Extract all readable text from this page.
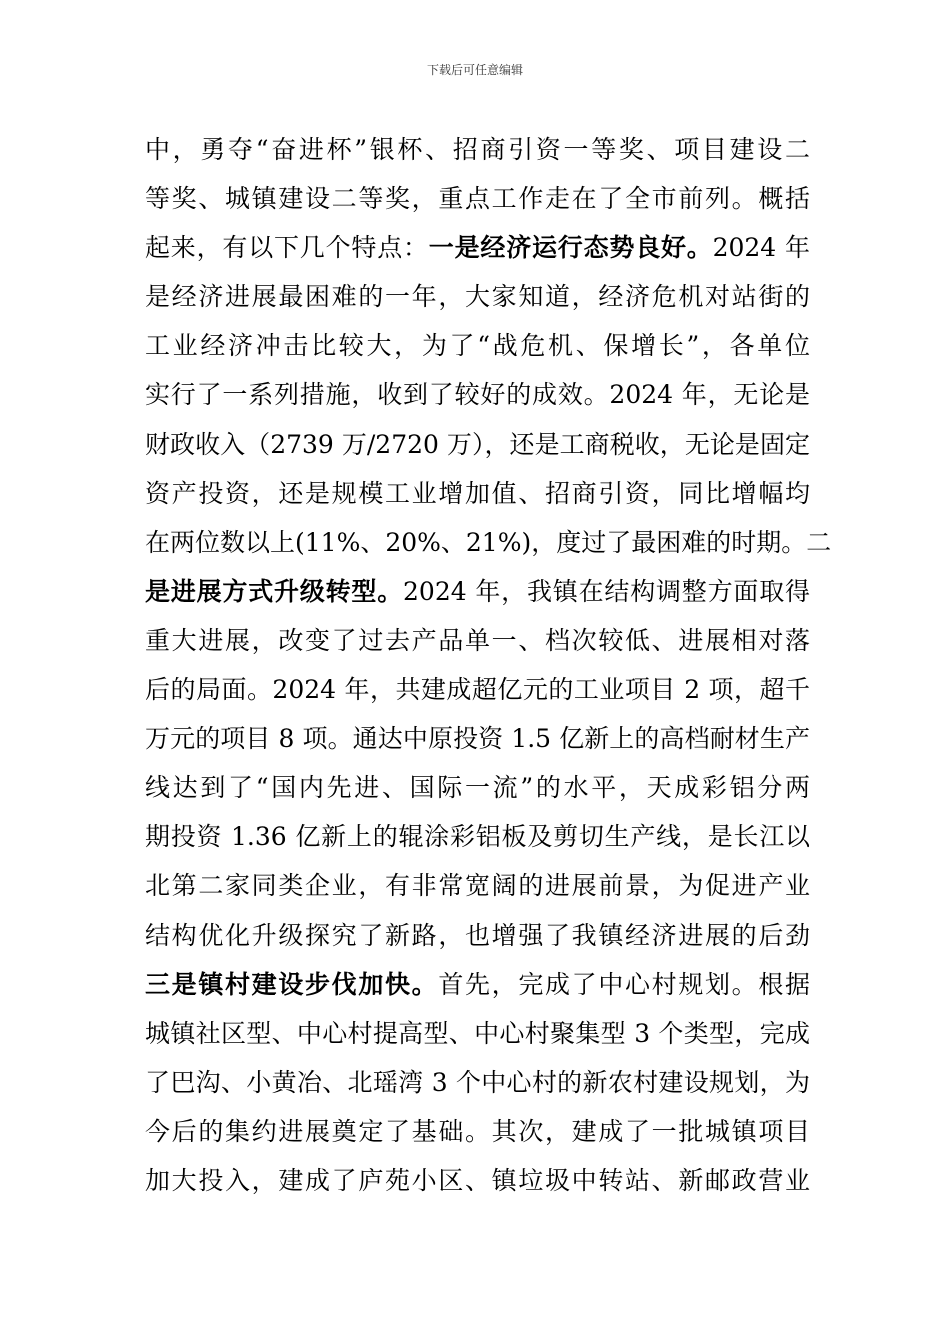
下载后可任意编辑
中，勇夺“奋进杯”银杯、招商引资一等奖、项目建设二
等奖、城镇建设二等奖，重点工作走在了全市前列。概括
起来，有以下几个特点：一是经济运行态势良好。2024 年
是经济进展最困难的一年，大家知道，经济危机对站街的
工业经济冲击比较大，为了“战危机、保增长”，各单位
实行了一系列措施，收到了较好的成效。2024 年，无论是
财政收入（2739 万/2720 万），还是工商税收，无论是固定
资产投资，还是规模工业增加值、招商引资，同比增幅均
在两位数以上(11%、20%、21%)，度过了最困难的时期。二
是进展方式升级转型。2024 年，我镇在结构调整方面取得
重大进展，改变了过去产品单一、档次较低、进展相对落
后的局面。2024 年，共建成超亿元的工业项目 2 项，超千
万元的项目 8 项。通达中原投资 1.5 亿新上的高档耐材生产
线达到了“国内先进、国际一流”的水平，天成彩铝分两
期投资 1.36 亿新上的辊涂彩铝板及剪切生产线，是长江以
北第二家同类企业，有非常宽阔的进展前景，为促进产业
结构优化升级探究了新路，也增强了我镇经济进展的后劲
三是镇村建设步伐加快。首先，完成了中心村规划。根据
城镇社区型、中心村提高型、中心村聚集型 3 个类型，完成
了巴沟、小黄冶、北瑶湾 3 个中心村的新农村建设规划，为
今后的集约进展奠定了基础。其次，建成了一批城镇项目
加大投入，建成了庐苑小区、镇垃圾中转站、新邮政营业
